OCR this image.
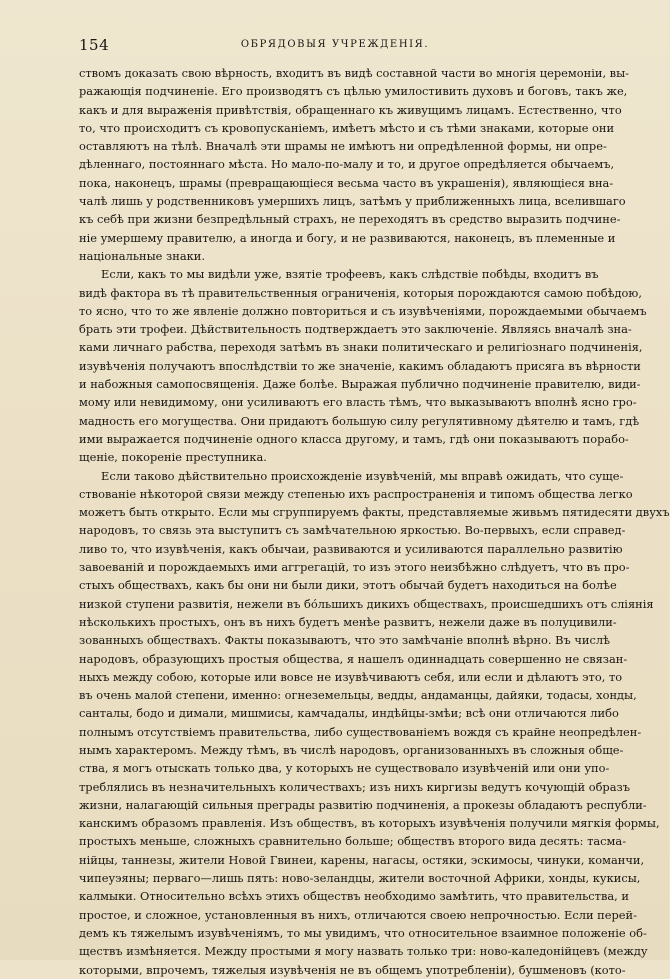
154	ОБРЯДОВЫЯ УЧРЕЖДЕНІЯ.
ствомъ доказать свою вѣрность, входитъ въ видѣ составной части во многія церемоніи, вы-
ражающія подчиненіе. Его производятъ съ цѣлью умилостивить духовъ и боговъ, такъ же,
какъ и для выраженія привѣтствія, обращеннаго къ живущимъ лицамъ. Естественно, что
то, что происходитъ съ кровопусканіемъ, имѣетъ мѣсто и съ тѣми знаками, которые они
оставляютъ на тѣлѣ. Вначалѣ эти шрамы не имѣютъ ни опредѣленной формы, ни опре-
дѣленнаго, постояннаго мѣста. Но мало-по-малу и то, и другое опредѣляется обычаемъ,
пока, наконецъ, шрамы (превращающіеся весьма часто въ украшенія), являющіеся вна-
чалѣ лишь у родственниковъ умершихъ лицъ, затѣмъ у приближенныхъ лица, вселившаго
къ себѣ при жизни безпредѣльный страхъ, не переходятъ въ средство выразить подчине-
ніе умершему правителю, а иногда и богу, и не развиваются, наконецъ, въ племенные и
національные знаки.
Если, какъ то мы видѣли уже, взятіе трофеевъ, какъ слѣдствіе побѣды, входитъ въ
видѣ фактора въ тѣ правительственныя ограниченія, которыя порождаются самою побѣдою,
то ясно, что то же явленіе должно повториться и съ изувѣченіями, порождаемыми обычаемъ
брать эти трофеи. Дѣйствительность подтверждаетъ это заключеніе. Являясь вначалѣ зна-
ками личнаго рабства, переходя затѣмъ въ знаки политическаго и религіознаго подчиненія,
изувѣченія получаютъ впослѣдствіи то же значеніе, какимъ обладаютъ присяга въ вѣрности
и набожныя самопосвященія. Даже болѣе. Выражая публично подчиненіе правителю, види-
мому или невидимому, они усиливаютъ его власть тѣмъ, что выказываютъ вполнѣ ясно гро-
мадность его могущества. Они придаютъ большую силу регулятивному дѣятелю и тамъ, гдѣ
ими выражается подчиненіе одного класса другому, и тамъ, гдѣ они показываютъ порабо-
щеніе, покореніе преступника.
Если таково дѣйствительно происхожденіе изувѣченій, мы вправѣ ожидать, что суще-
ствованіе нѣкоторой связи между степенью ихъ распространенія и типомъ общества легко
можетъ быть открыто. Если мы сгруппируемъ факты, представляемые живьмъ пятидесяти двухъ
народовъ, то связь эта выступитъ съ замѣчательною яркостью. Во-первыхъ, если справед-
ливо то, что изувѣченія, какъ обычаи, развиваются и усиливаются параллельно развитію
завоеваній и порождаемыхъ ими аггрегацій, то изъ этого неизбѣжно слѣдуетъ, что въ про-
стыхъ обществахъ, какъ бы они ни были дики, этотъ обычай будетъ находиться на болѣе
низкой ступени развитія, нежели въ бо́льшихъ дикихъ обществахъ, происшедшихъ отъ сліянія
нѣсколькихъ простыхъ, онъ въ нихъ будетъ менѣе развитъ, нежели даже въ полуцивили-
зованныхъ обществахъ. Факты показываютъ, что это замѣчаніе вполнѣ вѣрно. Въ числѣ
народовъ, образующихъ простыя общества, я нашелъ одиннадцать совершенно не связан-
ныхъ между собою, которые или вовсе не изувѣчиваютъ себя, или если и дѣлаютъ это, то
въ очень малой степени, именно: огнеземельцы, ведды, андаманцы, дайяки, тодасы, хонды,
санталы, бодо и димали, мишмисы, камчадалы, индѣйцы-змѣи; всѣ они отличаются либо
полнымъ отсутствіемъ правительства, либо существованіемъ вождя съ крайне неопредѣлен-
нымъ характеромъ. Между тѣмъ, въ числѣ народовъ, организованныхъ въ сложныя обще-
ства, я могъ отыскать только два, у которыхъ не существовало изувѣченій или они упо-
треблялись въ незначительныхъ количествахъ; изъ нихъ киргизы ведутъ кочующій образъ
жизни, налагающій сильныя преграды развитію подчиненія, а прокезы обладаютъ республи-
канскимъ образомъ правленія. Изъ обществъ, въ которыхъ изувѣченія получили мягкія формы,
простыхъ меньше, сложныхъ сравнительно больше; обществъ второго вида десять: тасма-
нійцы, таннезы, жители Новой Гвинеи, карены, нагасы, остяки, эскимосы, чинуки, команчи,
чипеуэяны; перваго—лишь пять: ново-зеландцы, жители восточной Африки, хонды, кукисы,
калмыки. Относительно всѣхъ этихъ обществъ необходимо замѣтить, что правительства, и
простое, и сложное, установленныя въ нихъ, отличаются своею непрочностью. Если перей-
демъ къ тяжелымъ изувѣченіямъ, то мы увидимъ, что относительное взаимное положеніе об-
ществъ измѣняется. Между простыми я могу назвать только три: ново-каледонійцевъ (между
которыми, впрочемъ, тяжелыя изувѣченія не въ общемъ употребленіи), бушменовъ (кото-
